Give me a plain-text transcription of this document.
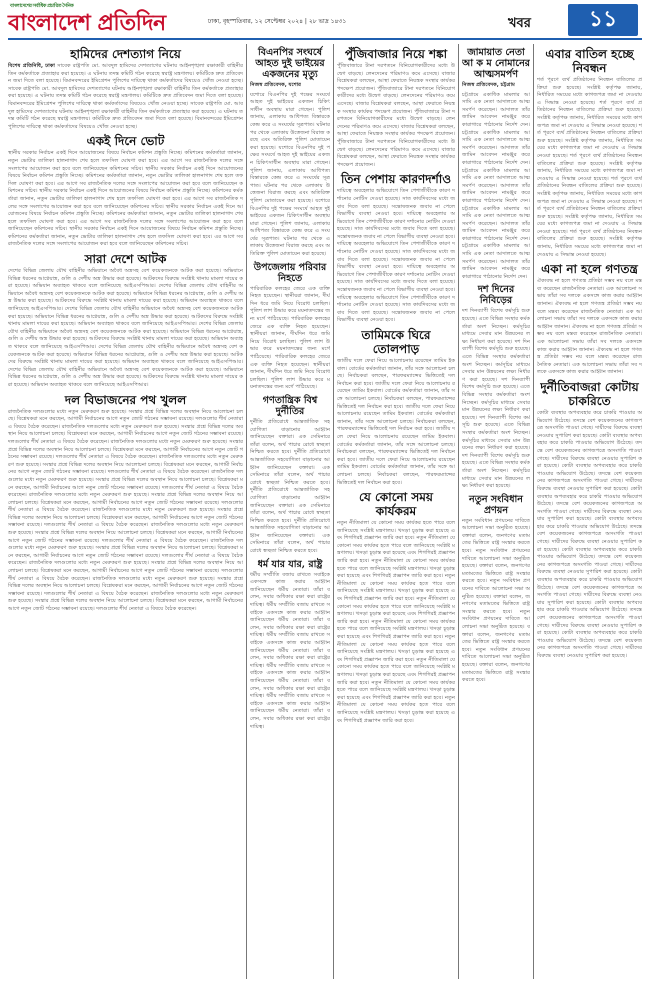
বাংলাদেশের সর্বাধিক প্রচারিত দৈনিক
বাংলাদেশ প্রতিদিন	ঢাকা, বৃহস্পতিবার, ১২ সেপ্টেম্বর ২০২৪ | ২৮ ভাদ্র ১৪৩১	খবর	১১
হামিদের দেশত্যাগ নিয়ে

বিশেষ প্রতিনিধি, ঢাকা সাবেক রাষ্ট্রপতি মো. আবদুল হামিদের দেশত্যাগের ঘটনায় আইনশৃঙ্খলা রক্ষাকারী বাহিনীর তিন কর্মকর্তাকে প্রত্যাহার করা হয়েছে। এ ঘটনায় তদন্ত কমিটি গঠন করেছে স্বরাষ্ট্র মন্ত্রণালয়। কমিটিকে দ্রুত প্রতিবেদন জমা দিতে বলা হয়েছে। বিমানবন্দরের ইমিগ্রেশন পুলিশের দায়িত্বে থাকা কর্মকর্তাদের বিষয়েও খোঁজ নেওয়া হচ্ছে। সাবেক রাষ্ট্রপতি মো. আবদুল হামিদের দেশত্যাগের ঘটনায় আইনশৃঙ্খলা রক্ষাকারী বাহিনীর তিন কর্মকর্তাকে প্রত্যাহার করা হয়েছে। এ ঘটনায় তদন্ত কমিটি গঠন করেছে স্বরাষ্ট্র মন্ত্রণালয়। কমিটিকে দ্রুত প্রতিবেদন জমা দিতে বলা হয়েছে। বিমানবন্দরের ইমিগ্রেশন পুলিশের দায়িত্বে থাকা কর্মকর্তাদের বিষয়েও খোঁজ নেওয়া হচ্ছে। সাবেক রাষ্ট্রপতি মো. আবদুল হামিদের দেশত্যাগের ঘটনায় আইনশৃঙ্খলা রক্ষাকারী বাহিনীর তিন কর্মকর্তাকে প্রত্যাহার করা হয়েছে। এ ঘটনায় তদন্ত কমিটি গঠন করেছে স্বরাষ্ট্র মন্ত্রণালয়। কমিটিকে দ্রুত প্রতিবেদন জমা দিতে বলা হয়েছে। বিমানবন্দরের ইমিগ্রেশন পুলিশের দায়িত্বে থাকা কর্মকর্তাদের বিষয়েও খোঁজ নেওয়া হচ্ছে।

একই দিনে ভোট

স্থানীয় সরকার নির্বাচন একই দিনে আয়োজনের বিষয়ে নির্বাচন কমিশন প্রস্তুতি নিচ্ছে। কমিশনের কর্মকর্তারা জানান, নতুন ভোটার তালিকা হালনাগাদ শেষ হলে তফসিল ঘোষণা করা হবে। এর আগে সব রাজনৈতিক দলের সঙ্গে সংলাপের আয়োজন করা হবে বলে জানিয়েছেন কমিশনের সচিব। স্থানীয় সরকার নির্বাচন একই দিনে আয়োজনের বিষয়ে নির্বাচন কমিশন প্রস্তুতি নিচ্ছে। কমিশনের কর্মকর্তারা জানান, নতুন ভোটার তালিকা হালনাগাদ শেষ হলে তফসিল ঘোষণা করা হবে। এর আগে সব রাজনৈতিক দলের সঙ্গে সংলাপের আয়োজন করা হবে বলে জানিয়েছেন কমিশনের সচিব। স্থানীয় সরকার নির্বাচন একই দিনে আয়োজনের বিষয়ে নির্বাচন কমিশন প্রস্তুতি নিচ্ছে। কমিশনের কর্মকর্তারা জানান, নতুন ভোটার তালিকা হালনাগাদ শেষ হলে তফসিল ঘোষণা করা হবে। এর আগে সব রাজনৈতিক দলের সঙ্গে সংলাপের আয়োজন করা হবে বলে জানিয়েছেন কমিশনের সচিব। স্থানীয় সরকার নির্বাচন একই দিনে আয়োজনের বিষয়ে নির্বাচন কমিশন প্রস্তুতি নিচ্ছে। কমিশনের কর্মকর্তারা জানান, নতুন ভোটার তালিকা হালনাগাদ শেষ হলে তফসিল ঘোষণা করা হবে। এর আগে সব রাজনৈতিক দলের সঙ্গে সংলাপের আয়োজন করা হবে বলে জানিয়েছেন কমিশনের সচিব। স্থানীয় সরকার নির্বাচন একই দিনে আয়োজনের বিষয়ে নির্বাচন কমিশন প্রস্তুতি নিচ্ছে। কমিশনের কর্মকর্তারা জানান, নতুন ভোটার তালিকা হালনাগাদ শেষ হলে তফসিল ঘোষণা করা হবে। এর আগে সব রাজনৈতিক দলের সঙ্গে সংলাপের আয়োজন করা হবে বলে জানিয়েছেন কমিশনের সচিব।

সারা দেশে আটক

দেশের বিভিন্ন জেলায় যৌথ বাহিনীর অভিযানে অবৈধ অস্ত্রসহ বেশ কয়েকজনকে আটক করা হয়েছে। অভিযানে বিভিন্ন ধরনের আগ্নেয়াস্ত্র, গুলি ও দেশীয় অস্ত্র উদ্ধার করা হয়েছে। আটকদের বিরুদ্ধে সংশ্লিষ্ট থানায় মামলা দায়ের করা হয়েছে। অভিযান অব্যাহত থাকবে বলে জানিয়েছে আইএসপিআর। দেশের বিভিন্ন জেলায় যৌথ বাহিনীর অভিযানে অবৈধ অস্ত্রসহ বেশ কয়েকজনকে আটক করা হয়েছে। অভিযানে বিভিন্ন ধরনের আগ্নেয়াস্ত্র, গুলি ও দেশীয় অস্ত্র উদ্ধার করা হয়েছে। আটকদের বিরুদ্ধে সংশ্লিষ্ট থানায় মামলা দায়ের করা হয়েছে। অভিযান অব্যাহত থাকবে বলে জানিয়েছে আইএসপিআর। দেশের বিভিন্ন জেলায় যৌথ বাহিনীর অভিযানে অবৈধ অস্ত্রসহ বেশ কয়েকজনকে আটক করা হয়েছে। অভিযানে বিভিন্ন ধরনের আগ্নেয়াস্ত্র, গুলি ও দেশীয় অস্ত্র উদ্ধার করা হয়েছে। আটকদের বিরুদ্ধে সংশ্লিষ্ট থানায় মামলা দায়ের করা হয়েছে। অভিযান অব্যাহত থাকবে বলে জানিয়েছে আইএসপিআর। দেশের বিভিন্ন জেলায় যৌথ বাহিনীর অভিযানে অবৈধ অস্ত্রসহ বেশ কয়েকজনকে আটক করা হয়েছে। অভিযানে বিভিন্ন ধরনের আগ্নেয়াস্ত্র, গুলি ও দেশীয় অস্ত্র উদ্ধার করা হয়েছে। আটকদের বিরুদ্ধে সংশ্লিষ্ট থানায় মামলা দায়ের করা হয়েছে। অভিযান অব্যাহত থাকবে বলে জানিয়েছে আইএসপিআর। দেশের বিভিন্ন জেলায় যৌথ বাহিনীর অভিযানে অবৈধ অস্ত্রসহ বেশ কয়েকজনকে আটক করা হয়েছে। অভিযানে বিভিন্ন ধরনের আগ্নেয়াস্ত্র, গুলি ও দেশীয় অস্ত্র উদ্ধার করা হয়েছে। আটকদের বিরুদ্ধে সংশ্লিষ্ট থানায় মামলা দায়ের করা হয়েছে। অভিযান অব্যাহত থাকবে বলে জানিয়েছে আইএসপিআর। দেশের বিভিন্ন জেলায় যৌথ বাহিনীর অভিযানে অবৈধ অস্ত্রসহ বেশ কয়েকজনকে আটক করা হয়েছে। অভিযানে বিভিন্ন ধরনের আগ্নেয়াস্ত্র, গুলি ও দেশীয় অস্ত্র উদ্ধার করা হয়েছে। আটকদের বিরুদ্ধে সংশ্লিষ্ট থানায় মামলা দায়ের করা হয়েছে। অভিযান অব্যাহত থাকবে বলে জানিয়েছে আইএসপিআর।

দল বিভাজনের পথ খুলল

রাজনৈতিক দলগুলোর মধ্যে নতুন মেরুকরণ শুরু হয়েছে। সংস্কার প্রশ্নে বিভিন্ন দলের অবস্থান নিয়ে আলোচনা চলছে। বিশ্লেষকরা মনে করছেন, আগামী নির্বাচনের আগে নতুন জোট গঠনের সম্ভাবনা রয়েছে। দলগুলোর শীর্ষ নেতারা এ বিষয়ে বৈঠক করেছেন। রাজনৈতিক দলগুলোর মধ্যে নতুন মেরুকরণ শুরু হয়েছে। সংস্কার প্রশ্নে বিভিন্ন দলের অবস্থান নিয়ে আলোচনা চলছে। বিশ্লেষকরা মনে করছেন, আগামী নির্বাচনের আগে নতুন জোট গঠনের সম্ভাবনা রয়েছে। দলগুলোর শীর্ষ নেতারা এ বিষয়ে বৈঠক করেছেন। রাজনৈতিক দলগুলোর মধ্যে নতুন মেরুকরণ শুরু হয়েছে। সংস্কার প্রশ্নে বিভিন্ন দলের অবস্থান নিয়ে আলোচনা চলছে। বিশ্লেষকরা মনে করছেন, আগামী নির্বাচনের আগে নতুন জোট গঠনের সম্ভাবনা রয়েছে। দলগুলোর শীর্ষ নেতারা এ বিষয়ে বৈঠক করেছেন। রাজনৈতিক দলগুলোর মধ্যে নতুন মেরুকরণ শুরু হয়েছে। সংস্কার প্রশ্নে বিভিন্ন দলের অবস্থান নিয়ে আলোচনা চলছে। বিশ্লেষকরা মনে করছেন, আগামী নির্বাচনের আগে নতুন জোট গঠনের সম্ভাবনা রয়েছে। দলগুলোর শীর্ষ নেতারা এ বিষয়ে বৈঠক করেছেন। রাজনৈতিক দলগুলোর মধ্যে নতুন মেরুকরণ শুরু হয়েছে। সংস্কার প্রশ্নে বিভিন্ন দলের অবস্থান নিয়ে আলোচনা চলছে। বিশ্লেষকরা মনে করছেন, আগামী নির্বাচনের আগে নতুন জোট গঠনের সম্ভাবনা রয়েছে। দলগুলোর শীর্ষ নেতারা এ বিষয়ে বৈঠক করেছেন। রাজনৈতিক দলগুলোর মধ্যে নতুন মেরুকরণ শুরু হয়েছে। সংস্কার প্রশ্নে বিভিন্ন দলের অবস্থান নিয়ে আলোচনা চলছে। বিশ্লেষকরা মনে করছেন, আগামী নির্বাচনের আগে নতুন জোট গঠনের সম্ভাবনা রয়েছে। দলগুলোর শীর্ষ নেতারা এ বিষয়ে বৈঠক করেছেন। রাজনৈতিক দলগুলোর মধ্যে নতুন মেরুকরণ শুরু হয়েছে। সংস্কার প্রশ্নে বিভিন্ন দলের অবস্থান নিয়ে আলোচনা চলছে। বিশ্লেষকরা মনে করছেন, আগামী নির্বাচনের আগে নতুন জোট গঠনের সম্ভাবনা রয়েছে। দলগুলোর শীর্ষ নেতারা এ বিষয়ে বৈঠক করেছেন। রাজনৈতিক দলগুলোর মধ্যে নতুন মেরুকরণ শুরু হয়েছে। সংস্কার প্রশ্নে বিভিন্ন দলের অবস্থান নিয়ে আলোচনা চলছে। বিশ্লেষকরা মনে করছেন, আগামী নির্বাচনের আগে নতুন জোট গঠনের সম্ভাবনা রয়েছে। দলগুলোর শীর্ষ নেতারা এ বিষয়ে বৈঠক করেছেন। রাজনৈতিক দলগুলোর মধ্যে নতুন মেরুকরণ শুরু হয়েছে। সংস্কার প্রশ্নে বিভিন্ন দলের অবস্থান নিয়ে আলোচনা চলছে। বিশ্লেষকরা মনে করছেন, আগামী নির্বাচনের আগে নতুন জোট গঠনের সম্ভাবনা রয়েছে। দলগুলোর শীর্ষ নেতারা এ বিষয়ে বৈঠক করেছেন। রাজনৈতিক দলগুলোর মধ্যে নতুন মেরুকরণ শুরু হয়েছে। সংস্কার প্রশ্নে বিভিন্ন দলের অবস্থান নিয়ে আলোচনা চলছে। বিশ্লেষকরা মনে করছেন, আগামী নির্বাচনের আগে নতুন জোট গঠনের সম্ভাবনা রয়েছে। দলগুলোর শীর্ষ নেতারা এ বিষয়ে বৈঠক করেছেন। রাজনৈতিক দলগুলোর মধ্যে নতুন মেরুকরণ শুরু হয়েছে। সংস্কার প্রশ্নে বিভিন্ন দলের অবস্থান নিয়ে আলোচনা চলছে। বিশ্লেষকরা মনে করছেন, আগামী নির্বাচনের আগে নতুন জোট গঠনের সম্ভাবনা রয়েছে। দলগুলোর শীর্ষ নেতারা এ বিষয়ে বৈঠক করেছেন। রাজনৈতিক দলগুলোর মধ্যে নতুন মেরুকরণ শুরু হয়েছে। সংস্কার প্রশ্নে বিভিন্ন দলের অবস্থান নিয়ে আলোচনা চলছে। বিশ্লেষকরা মনে করছেন, আগামী নির্বাচনের আগে নতুন জোট গঠনের সম্ভাবনা রয়েছে। দলগুলোর শীর্ষ নেতারা এ বিষয়ে বৈঠক করেছেন।

বিএনপির সংঘর্ষে আহত দুই ভাইয়ের একজনের মৃত্যু

নিজস্ব প্রতিবেদক, যশোর

যশোরে বিএনপির দুই পক্ষের সংঘর্ষে আহত দুই ভাইয়ের একজন চিকিৎসাধীন অবস্থায় মারা গেছেন। পুলিশ জানায়, এলাকায় আধিপত্য বিস্তারকে কেন্দ্র করে এ সংঘর্ষের সূত্রপাত। ঘটনার পর থেকে এলাকায় উত্তেজনা বিরাজ করছে এবং অতিরিক্ত পুলিশ মোতায়েন করা হয়েছে। যশোরে বিএনপির দুই পক্ষের সংঘর্ষে আহত দুই ভাইয়ের একজন চিকিৎসাধীন অবস্থায় মারা গেছেন। পুলিশ জানায়, এলাকায় আধিপত্য বিস্তারকে কেন্দ্র করে এ সংঘর্ষের সূত্রপাত। ঘটনার পর থেকে এলাকায় উত্তেজনা বিরাজ করছে এবং অতিরিক্ত পুলিশ মোতায়েন করা হয়েছে। যশোরে বিএনপির দুই পক্ষের সংঘর্ষে আহত দুই ভাইয়ের একজন চিকিৎসাধীন অবস্থায় মারা গেছেন। পুলিশ জানায়, এলাকায় আধিপত্য বিস্তারকে কেন্দ্র করে এ সংঘর্ষের সূত্রপাত। ঘটনার পর থেকে এলাকায় উত্তেজনা বিরাজ করছে এবং অতিরিক্ত পুলিশ মোতায়েন করা হয়েছে।

উপজেলায় পরিবার নিহতে

পারিবারিক কলহের জেরে এক ব্যক্তি নিহত হয়েছেন। স্থানীয়রা জানান, দীর্ঘদিন ধরে জমি নিয়ে বিরোধ চলছিল। পুলিশ লাশ উদ্ধার করে ময়নাতদন্তের জন্য মর্গে পাঠিয়েছে। পারিবারিক কলহের জেরে এক ব্যক্তি নিহত হয়েছেন। স্থানীয়রা জানান, দীর্ঘদিন ধরে জমি নিয়ে বিরোধ চলছিল। পুলিশ লাশ উদ্ধার করে ময়নাতদন্তের জন্য মর্গে পাঠিয়েছে। পারিবারিক কলহের জেরে এক ব্যক্তি নিহত হয়েছেন। স্থানীয়রা জানান, দীর্ঘদিন ধরে জমি নিয়ে বিরোধ চলছিল। পুলিশ লাশ উদ্ধার করে ময়নাতদন্তের জন্য মর্গে পাঠিয়েছে।

গণতান্ত্রিক বিশ্ব দুর্নীতির

দুর্নীতি প্রতিরোধে আন্তর্জাতিক সহযোগিতা বাড়ানোর আহ্বান জানিয়েছেন বক্তারা। এক সেমিনারে তাঁরা বলেন, অর্থ পাচার রোধে স্বচ্ছতা নিশ্চিত করতে হবে। দুর্নীতি প্রতিরোধে আন্তর্জাতিক সহযোগিতা বাড়ানোর আহ্বান জানিয়েছেন বক্তারা। এক সেমিনারে তাঁরা বলেন, অর্থ পাচার রোধে স্বচ্ছতা নিশ্চিত করতে হবে। দুর্নীতি প্রতিরোধে আন্তর্জাতিক সহযোগিতা বাড়ানোর আহ্বান জানিয়েছেন বক্তারা। এক সেমিনারে তাঁরা বলেন, অর্থ পাচার রোধে স্বচ্ছতা নিশ্চিত করতে হবে। দুর্নীতি প্রতিরোধে আন্তর্জাতিক সহযোগিতা বাড়ানোর আহ্বান জানিয়েছেন বক্তারা। এক সেমিনারে তাঁরা বলেন, অর্থ পাচার রোধে স্বচ্ছতা নিশ্চিত করতে হবে।

ধর্ম যার যার, রাষ্ট্র

ধর্মীয় সম্প্রীতি বজায় রাখতে সবাইকে একসঙ্গে কাজ করার আহ্বান জানিয়েছেন ধর্মীয় নেতারা। তাঁরা বলেন, সবার অধিকার রক্ষা করা রাষ্ট্রের দায়িত্ব। ধর্মীয় সম্প্রীতি বজায় রাখতে সবাইকে একসঙ্গে কাজ করার আহ্বান জানিয়েছেন ধর্মীয় নেতারা। তাঁরা বলেন, সবার অধিকার রক্ষা করা রাষ্ট্রের দায়িত্ব। ধর্মীয় সম্প্রীতি বজায় রাখতে সবাইকে একসঙ্গে কাজ করার আহ্বান জানিয়েছেন ধর্মীয় নেতারা। তাঁরা বলেন, সবার অধিকার রক্ষা করা রাষ্ট্রের দায়িত্ব। ধর্মীয় সম্প্রীতি বজায় রাখতে সবাইকে একসঙ্গে কাজ করার আহ্বান জানিয়েছেন ধর্মীয় নেতারা। তাঁরা বলেন, সবার অধিকার রক্ষা করা রাষ্ট্রের দায়িত্ব। ধর্মীয় সম্প্রীতি বজায় রাখতে সবাইকে একসঙ্গে কাজ করার আহ্বান জানিয়েছেন ধর্মীয় নেতারা। তাঁরা বলেন, সবার অধিকার রক্ষা করা রাষ্ট্রের দায়িত্ব।

পুঁজিবাজার নিয়ে শঙ্কা

পুঁজিবাজারে টানা দরপতনে বিনিয়োগকারীদের মধ্যে উদ্বেগ বাড়ছে। লেনদেনের পরিমাণও কমে এসেছে। বাজার বিশ্লেষকরা বলছেন, আস্থা ফেরাতে নিয়ন্ত্রক সংস্থার কার্যকর পদক্ষেপ প্রয়োজন। পুঁজিবাজারে টানা দরপতনে বিনিয়োগকারীদের মধ্যে উদ্বেগ বাড়ছে। লেনদেনের পরিমাণও কমে এসেছে। বাজার বিশ্লেষকরা বলছেন, আস্থা ফেরাতে নিয়ন্ত্রক সংস্থার কার্যকর পদক্ষেপ প্রয়োজন। পুঁজিবাজারে টানা দরপতনে বিনিয়োগকারীদের মধ্যে উদ্বেগ বাড়ছে। লেনদেনের পরিমাণও কমে এসেছে। বাজার বিশ্লেষকরা বলছেন, আস্থা ফেরাতে নিয়ন্ত্রক সংস্থার কার্যকর পদক্ষেপ প্রয়োজন। পুঁজিবাজারে টানা দরপতনে বিনিয়োগকারীদের মধ্যে উদ্বেগ বাড়ছে। লেনদেনের পরিমাণও কমে এসেছে। বাজার বিশ্লেষকরা বলছেন, আস্থা ফেরাতে নিয়ন্ত্রক সংস্থার কার্যকর পদক্ষেপ প্রয়োজন।

তিন পেশায় কারণদর্শাও

দায়িত্বে অবহেলার অভিযোগে তিন পেশাজীবীকে কারণ দর্শানোর নোটিস দেওয়া হয়েছে। সাত কার্যদিবসের মধ্যে জবাব দিতে বলা হয়েছে। সন্তোষজনক জবাব না পেলে বিভাগীয় ব্যবস্থা নেওয়া হবে। দায়িত্বে অবহেলার অভিযোগে তিন পেশাজীবীকে কারণ দর্শানোর নোটিস দেওয়া হয়েছে। সাত কার্যদিবসের মধ্যে জবাব দিতে বলা হয়েছে। সন্তোষজনক জবাব না পেলে বিভাগীয় ব্যবস্থা নেওয়া হবে। দায়িত্বে অবহেলার অভিযোগে তিন পেশাজীবীকে কারণ দর্শানোর নোটিস দেওয়া হয়েছে। সাত কার্যদিবসের মধ্যে জবাব দিতে বলা হয়েছে। সন্তোষজনক জবাব না পেলে বিভাগীয় ব্যবস্থা নেওয়া হবে। দায়িত্বে অবহেলার অভিযোগে তিন পেশাজীবীকে কারণ দর্শানোর নোটিস দেওয়া হয়েছে। সাত কার্যদিবসের মধ্যে জবাব দিতে বলা হয়েছে। সন্তোষজনক জবাব না পেলে বিভাগীয় ব্যবস্থা নেওয়া হবে। দায়িত্বে অবহেলার অভিযোগে তিন পেশাজীবীকে কারণ দর্শানোর নোটিস দেওয়া হয়েছে। সাত কার্যদিবসের মধ্যে জবাব দিতে বলা হয়েছে। সন্তোষজনক জবাব না পেলে বিভাগীয় ব্যবস্থা নেওয়া হবে।

তামিমকে ঘিরে তোলপাড়

জাতীয় দলে ফেরা নিয়ে আলোচনায় রয়েছেন তামিম ইকবাল। বোর্ডের কর্মকর্তারা জানান, তাঁর সঙ্গে আলোচনা চলছে। নির্বাচকরা বলছেন, পারফরম্যান্সের ভিত্তিতেই দল নির্বাচন করা হবে। জাতীয় দলে ফেরা নিয়ে আলোচনায় রয়েছেন তামিম ইকবাল। বোর্ডের কর্মকর্তারা জানান, তাঁর সঙ্গে আলোচনা চলছে। নির্বাচকরা বলছেন, পারফরম্যান্সের ভিত্তিতেই দল নির্বাচন করা হবে। জাতীয় দলে ফেরা নিয়ে আলোচনায় রয়েছেন তামিম ইকবাল। বোর্ডের কর্মকর্তারা জানান, তাঁর সঙ্গে আলোচনা চলছে। নির্বাচকরা বলছেন, পারফরম্যান্সের ভিত্তিতেই দল নির্বাচন করা হবে। জাতীয় দলে ফেরা নিয়ে আলোচনায় রয়েছেন তামিম ইকবাল। বোর্ডের কর্মকর্তারা জানান, তাঁর সঙ্গে আলোচনা চলছে। নির্বাচকরা বলছেন, পারফরম্যান্সের ভিত্তিতেই দল নির্বাচন করা হবে। জাতীয় দলে ফেরা নিয়ে আলোচনায় রয়েছেন তামিম ইকবাল। বোর্ডের কর্মকর্তারা জানান, তাঁর সঙ্গে আলোচনা চলছে। নির্বাচকরা বলছেন, পারফরম্যান্সের ভিত্তিতেই দল নির্বাচন করা হবে।

যে কোনো সময় কার্যকরম

নতুন নীতিমালা যে কোনো সময় কার্যকর হতে পারে বলে জানিয়েছে সংশ্লিষ্ট মন্ত্রণালয়। খসড়া চূড়ান্ত করা হয়েছে এবং শিগগিরই প্রজ্ঞাপন জারি করা হবে। নতুন নীতিমালা যে কোনো সময় কার্যকর হতে পারে বলে জানিয়েছে সংশ্লিষ্ট মন্ত্রণালয়। খসড়া চূড়ান্ত করা হয়েছে এবং শিগগিরই প্রজ্ঞাপন জারি করা হবে। নতুন নীতিমালা যে কোনো সময় কার্যকর হতে পারে বলে জানিয়েছে সংশ্লিষ্ট মন্ত্রণালয়। খসড়া চূড়ান্ত করা হয়েছে এবং শিগগিরই প্রজ্ঞাপন জারি করা হবে। নতুন নীতিমালা যে কোনো সময় কার্যকর হতে পারে বলে জানিয়েছে সংশ্লিষ্ট মন্ত্রণালয়। খসড়া চূড়ান্ত করা হয়েছে এবং শিগগিরই প্রজ্ঞাপন জারি করা হবে। নতুন নীতিমালা যে কোনো সময় কার্যকর হতে পারে বলে জানিয়েছে সংশ্লিষ্ট মন্ত্রণালয়। খসড়া চূড়ান্ত করা হয়েছে এবং শিগগিরই প্রজ্ঞাপন জারি করা হবে। নতুন নীতিমালা যে কোনো সময় কার্যকর হতে পারে বলে জানিয়েছে সংশ্লিষ্ট মন্ত্রণালয়। খসড়া চূড়ান্ত করা হয়েছে এবং শিগগিরই প্রজ্ঞাপন জারি করা হবে। নতুন নীতিমালা যে কোনো সময় কার্যকর হতে পারে বলে জানিয়েছে সংশ্লিষ্ট মন্ত্রণালয়। খসড়া চূড়ান্ত করা হয়েছে এবং শিগগিরই প্রজ্ঞাপন জারি করা হবে। নতুন নীতিমালা যে কোনো সময় কার্যকর হতে পারে বলে জানিয়েছে সংশ্লিষ্ট মন্ত্রণালয়। খসড়া চূড়ান্ত করা হয়েছে এবং শিগগিরই প্রজ্ঞাপন জারি করা হবে। নতুন নীতিমালা যে কোনো সময় কার্যকর হতে পারে বলে জানিয়েছে সংশ্লিষ্ট মন্ত্রণালয়। খসড়া চূড়ান্ত করা হয়েছে এবং শিগগিরই প্রজ্ঞাপন জারি করা হবে। নতুন নীতিমালা যে কোনো সময় কার্যকর হতে পারে বলে জানিয়েছে সংশ্লিষ্ট মন্ত্রণালয়। খসড়া চূড়ান্ত করা হয়েছে এবং শিগগিরই প্রজ্ঞাপন জারি করা হবে।

জামায়াত নেতা আ ক ম নোমানের আত্মসমর্পণ

নিজস্ব প্রতিবেদক, চট্টগ্রাম

চট্টগ্রামে একাধিক মামলার আসামি এক নেতা আদালতে আত্মসমর্পণ করেছেন। আদালত তাঁর জামিন আবেদন নামঞ্জুর করে কারাগারে পাঠানোর নির্দেশ দেন। চট্টগ্রামে একাধিক মামলার আসামি এক নেতা আদালতে আত্মসমর্পণ করেছেন। আদালত তাঁর জামিন আবেদন নামঞ্জুর করে কারাগারে পাঠানোর নির্দেশ দেন। চট্টগ্রামে একাধিক মামলার আসামি এক নেতা আদালতে আত্মসমর্পণ করেছেন। আদালত তাঁর জামিন আবেদন নামঞ্জুর করে কারাগারে পাঠানোর নির্দেশ দেন। চট্টগ্রামে একাধিক মামলার আসামি এক নেতা আদালতে আত্মসমর্পণ করেছেন। আদালত তাঁর জামিন আবেদন নামঞ্জুর করে কারাগারে পাঠানোর নির্দেশ দেন। চট্টগ্রামে একাধিক মামলার আসামি এক নেতা আদালতে আত্মসমর্পণ করেছেন। আদালত তাঁর জামিন আবেদন নামঞ্জুর করে কারাগারে পাঠানোর নির্দেশ দেন।

দশ দিনের নিবিড়ের

দশ দিনব্যাপী বিশেষ কর্মসূচি শুরু হয়েছে। এতে বিভিন্ন সংস্থার কর্মকর্তারা অংশ নিচ্ছেন। কর্মসূচির মাধ্যমে সেবার মান উন্নয়নের লক্ষ্য নির্ধারণ করা হয়েছে। দশ দিনব্যাপী বিশেষ কর্মসূচি শুরু হয়েছে। এতে বিভিন্ন সংস্থার কর্মকর্তারা অংশ নিচ্ছেন। কর্মসূচির মাধ্যমে সেবার মান উন্নয়নের লক্ষ্য নির্ধারণ করা হয়েছে। দশ দিনব্যাপী বিশেষ কর্মসূচি শুরু হয়েছে। এতে বিভিন্ন সংস্থার কর্মকর্তারা অংশ নিচ্ছেন। কর্মসূচির মাধ্যমে সেবার মান উন্নয়নের লক্ষ্য নির্ধারণ করা হয়েছে। দশ দিনব্যাপী বিশেষ কর্মসূচি শুরু হয়েছে। এতে বিভিন্ন সংস্থার কর্মকর্তারা অংশ নিচ্ছেন। কর্মসূচির মাধ্যমে সেবার মান উন্নয়নের লক্ষ্য নির্ধারণ করা হয়েছে। দশ দিনব্যাপী বিশেষ কর্মসূচি শুরু হয়েছে। এতে বিভিন্ন সংস্থার কর্মকর্তারা অংশ নিচ্ছেন। কর্মসূচির মাধ্যমে সেবার মান উন্নয়নের লক্ষ্য নির্ধারণ করা হয়েছে।

নতুন সংবিধান প্রণয়ন

নতুন সংবিধান প্রণয়নের দাবিতে আলোচনা সভা অনুষ্ঠিত হয়েছে। বক্তারা বলেন, জনগণের মতামতের ভিত্তিতে রাষ্ট্র সংস্কার করতে হবে। নতুন সংবিধান প্রণয়নের দাবিতে আলোচনা সভা অনুষ্ঠিত হয়েছে। বক্তারা বলেন, জনগণের মতামতের ভিত্তিতে রাষ্ট্র সংস্কার করতে হবে। নতুন সংবিধান প্রণয়নের দাবিতে আলোচনা সভা অনুষ্ঠিত হয়েছে। বক্তারা বলেন, জনগণের মতামতের ভিত্তিতে রাষ্ট্র সংস্কার করতে হবে। নতুন সংবিধান প্রণয়নের দাবিতে আলোচনা সভা অনুষ্ঠিত হয়েছে। বক্তারা বলেন, জনগণের মতামতের ভিত্তিতে রাষ্ট্র সংস্কার করতে হবে। নতুন সংবিধান প্রণয়নের দাবিতে আলোচনা সভা অনুষ্ঠিত হয়েছে। বক্তারা বলেন, জনগণের মতামতের ভিত্তিতে রাষ্ট্র সংস্কার করতে হবে।

এবার বাতিল হচ্ছে নিবন্ধন

শর্ত পূরণে ব্যর্থ প্রতিষ্ঠানের নিবন্ধন বাতিলের প্রক্রিয়া শুরু হয়েছে। সংশ্লিষ্ট কর্তৃপক্ষ জানায়, নির্ধারিত সময়ের মধ্যে কাগজপত্র জমা না দেওয়ায় এ সিদ্ধান্ত নেওয়া হয়েছে। শর্ত পূরণে ব্যর্থ প্রতিষ্ঠানের নিবন্ধন বাতিলের প্রক্রিয়া শুরু হয়েছে। সংশ্লিষ্ট কর্তৃপক্ষ জানায়, নির্ধারিত সময়ের মধ্যে কাগজপত্র জমা না দেওয়ায় এ সিদ্ধান্ত নেওয়া হয়েছে। শর্ত পূরণে ব্যর্থ প্রতিষ্ঠানের নিবন্ধন বাতিলের প্রক্রিয়া শুরু হয়েছে। সংশ্লিষ্ট কর্তৃপক্ষ জানায়, নির্ধারিত সময়ের মধ্যে কাগজপত্র জমা না দেওয়ায় এ সিদ্ধান্ত নেওয়া হয়েছে। শর্ত পূরণে ব্যর্থ প্রতিষ্ঠানের নিবন্ধন বাতিলের প্রক্রিয়া শুরু হয়েছে। সংশ্লিষ্ট কর্তৃপক্ষ জানায়, নির্ধারিত সময়ের মধ্যে কাগজপত্র জমা না দেওয়ায় এ সিদ্ধান্ত নেওয়া হয়েছে। শর্ত পূরণে ব্যর্থ প্রতিষ্ঠানের নিবন্ধন বাতিলের প্রক্রিয়া শুরু হয়েছে। সংশ্লিষ্ট কর্তৃপক্ষ জানায়, নির্ধারিত সময়ের মধ্যে কাগজপত্র জমা না দেওয়ায় এ সিদ্ধান্ত নেওয়া হয়েছে। শর্ত পূরণে ব্যর্থ প্রতিষ্ঠানের নিবন্ধন বাতিলের প্রক্রিয়া শুরু হয়েছে। সংশ্লিষ্ট কর্তৃপক্ষ জানায়, নির্ধারিত সময়ের মধ্যে কাগজপত্র জমা না দেওয়ায় এ সিদ্ধান্ত নেওয়া হয়েছে। শর্ত পূরণে ব্যর্থ প্রতিষ্ঠানের নিবন্ধন বাতিলের প্রক্রিয়া শুরু হয়েছে। সংশ্লিষ্ট কর্তৃপক্ষ জানায়, নির্ধারিত সময়ের মধ্যে কাগজপত্র জমা না দেওয়ায় এ সিদ্ধান্ত নেওয়া হয়েছে।

একা না হলে গণতন্ত্র

ঐক্যবদ্ধ না হলে গণতন্ত্র প্রতিষ্ঠা সম্ভব নয় বলে মন্তব্য করেছেন রাজনৈতিক নেতারা। এক আলোচনা সভায় তাঁরা সব দলকে একসঙ্গে কাজ করার আহ্বান জানান। ঐক্যবদ্ধ না হলে গণতন্ত্র প্রতিষ্ঠা সম্ভব নয় বলে মন্তব্য করেছেন রাজনৈতিক নেতারা। এক আলোচনা সভায় তাঁরা সব দলকে একসঙ্গে কাজ করার আহ্বান জানান। ঐক্যবদ্ধ না হলে গণতন্ত্র প্রতিষ্ঠা সম্ভব নয় বলে মন্তব্য করেছেন রাজনৈতিক নেতারা। এক আলোচনা সভায় তাঁরা সব দলকে একসঙ্গে কাজ করার আহ্বান জানান। ঐক্যবদ্ধ না হলে গণতন্ত্র প্রতিষ্ঠা সম্ভব নয় বলে মন্তব্য করেছেন রাজনৈতিক নেতারা। এক আলোচনা সভায় তাঁরা সব দলকে একসঙ্গে কাজ করার আহ্বান জানান।

দুর্নীতিবাজরা কোটায় চাকরিতে

কোটা ব্যবস্থার অপব্যবহার করে চাকরি পাওয়ার অভিযোগ উঠেছে। তদন্তে বেশ কয়েকজনের কাগজপত্রে অসংগতি পাওয়া গেছে। দায়ীদের বিরুদ্ধে ব্যবস্থা নেওয়ার সুপারিশ করা হয়েছে। কোটা ব্যবস্থার অপব্যবহার করে চাকরি পাওয়ার অভিযোগ উঠেছে। তদন্তে বেশ কয়েকজনের কাগজপত্রে অসংগতি পাওয়া গেছে। দায়ীদের বিরুদ্ধে ব্যবস্থা নেওয়ার সুপারিশ করা হয়েছে। কোটা ব্যবস্থার অপব্যবহার করে চাকরি পাওয়ার অভিযোগ উঠেছে। তদন্তে বেশ কয়েকজনের কাগজপত্রে অসংগতি পাওয়া গেছে। দায়ীদের বিরুদ্ধে ব্যবস্থা নেওয়ার সুপারিশ করা হয়েছে। কোটা ব্যবস্থার অপব্যবহার করে চাকরি পাওয়ার অভিযোগ উঠেছে। তদন্তে বেশ কয়েকজনের কাগজপত্রে অসংগতি পাওয়া গেছে। দায়ীদের বিরুদ্ধে ব্যবস্থা নেওয়ার সুপারিশ করা হয়েছে। কোটা ব্যবস্থার অপব্যবহার করে চাকরি পাওয়ার অভিযোগ উঠেছে। তদন্তে বেশ কয়েকজনের কাগজপত্রে অসংগতি পাওয়া গেছে। দায়ীদের বিরুদ্ধে ব্যবস্থা নেওয়ার সুপারিশ করা হয়েছে। কোটা ব্যবস্থার অপব্যবহার করে চাকরি পাওয়ার অভিযোগ উঠেছে। তদন্তে বেশ কয়েকজনের কাগজপত্রে অসংগতি পাওয়া গেছে। দায়ীদের বিরুদ্ধে ব্যবস্থা নেওয়ার সুপারিশ করা হয়েছে। কোটা ব্যবস্থার অপব্যবহার করে চাকরি পাওয়ার অভিযোগ উঠেছে। তদন্তে বেশ কয়েকজনের কাগজপত্রে অসংগতি পাওয়া গেছে। দায়ীদের বিরুদ্ধে ব্যবস্থা নেওয়ার সুপারিশ করা হয়েছে। কোটা ব্যবস্থার অপব্যবহার করে চাকরি পাওয়ার অভিযোগ উঠেছে। তদন্তে বেশ কয়েকজনের কাগজপত্রে অসংগতি পাওয়া গেছে। দায়ীদের বিরুদ্ধে ব্যবস্থা নেওয়ার সুপারিশ করা হয়েছে। কোটা ব্যবস্থার অপব্যবহার করে চাকরি পাওয়ার অভিযোগ উঠেছে। তদন্তে বেশ কয়েকজনের কাগজপত্রে অসংগতি পাওয়া গেছে। দায়ীদের বিরুদ্ধে ব্যবস্থা নেওয়ার সুপারিশ করা হয়েছে।
